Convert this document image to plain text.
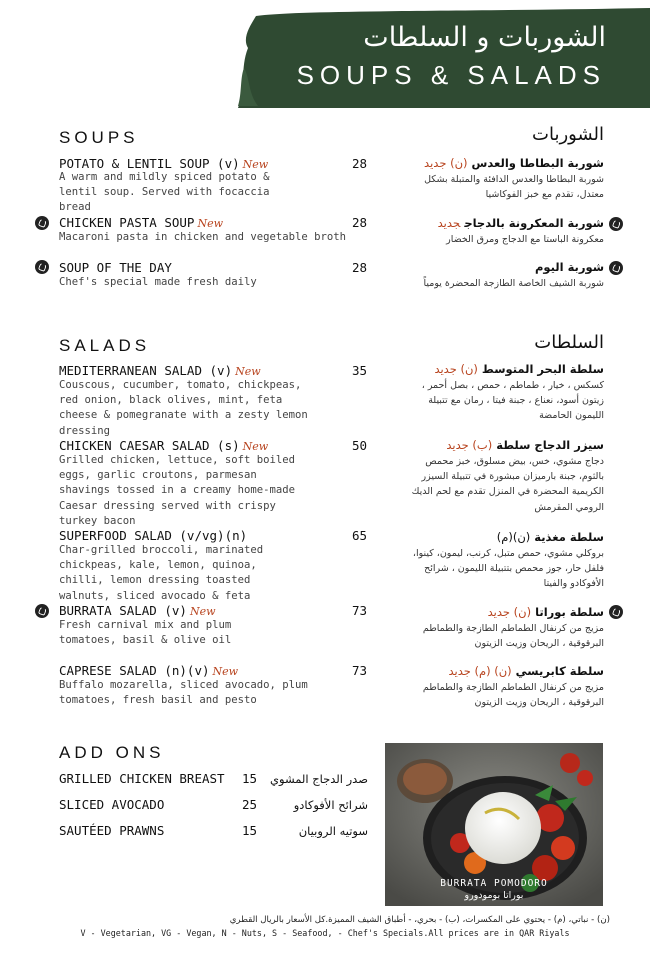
الشوربات و السلطات
SOUPS & SALADS
SOUPS	الشوربات
POTATO & LENTIL SOUP (v) New	28
A warm and mildly spiced potato & lentil soup. Served with focaccia bread
شوربة البطاطا والعدس(ن) جديد
شوربة البطاطا والعدس الدافئة والمتبلة بشكل معتدل، تقدم مع خبز الفوكاشيا
CHICKEN PASTA SOUP New	28
Macaroni pasta in chicken and vegetable broth
شوربة المعكرونة بالدجاججديد
معكرونة الباستا مع الدجاج ومرق الخضار
SOUP OF THE DAY	28
Chef's special made fresh daily
شوربة اليوم
شوربة الشيف الخاصة الطازجة المحضرة يومياً
SALADS	السلطات
MEDITERRANEAN SALAD (v) New	35
Couscous, cucumber, tomato, chickpeas, red onion, black olives, mint, feta cheese & pomegranate with a zesty lemon dressing
سلطة البحر المتوسط(ن) جديد
كسكس ، خيار ، طماطم ، حمص ، بصل أحمر ، زيتون أسود، نعناع ، جبنة فيتا ، رمان مع تتبيلة الليمون الحامضة
CHICKEN CAESAR SALAD (s) New	50
Grilled chicken, lettuce, soft boiled eggs, garlic croutons, parmesan shavings tossed in a creamy home-made Caesar dressing served with crispy turkey bacon
سيزر الدجاج سلطة(ب) جديد
دجاج مشوي، خس، بيض مسلوق، خبز محمص بالثوم، جبنة بارميزان مبشورة في تتبيلة السيزر الكريمية المحضرة في المنزل تقدم مع لحم الديك الرومي المقرمش
SUPERFOOD SALAD (v/vg)(n)	65
Char-grilled broccoli, marinated chickpeas, kale, lemon, quinoa, chilli, lemon dressing toasted walnuts, sliced avocado & feta
سلطة مغذية(ن)(م)
بروكلي مشوي، حمص متبل، كرنب، ليمون، كينوا، فلفل حار، جوز محمص بتتبيلة الليمون ، شرائح الأفوكادو والفيتا
BURRATA SALAD (v) New	73
Fresh carnival mix and plum tomatoes, basil & olive oil
سلطة بوراتا(ن) جديد
مزيج من كرنفال الطماطم الطازجة والطماطم البرقوقية ، الريحان وزيت الزيتون
CAPRESE SALAD (n)(v) New	73
Buffalo mozarella, sliced avocado, plum tomatoes, fresh basil and pesto
سلطة كابريسي(ن) (م) جديد
مزيج من كرنفال الطماطم الطازجة والطماطم البرقوقية ، الريحان وزيت الزيتون
ADD ONS
GRILLED CHICKEN BREAST 15 صدر الدجاج المشوي
SLICED AVOCADO	25	شرائح الأفوكادو
SAUTÉED PRAWNS	15	سوتيه الروبيان
BURRATA POMODORO
بوراتا بومودورو
(ن) - نباتي، (م) - يحتوي على المكسرات، (ب) - بحري، - أطباق الشيف المميزة.كل الأسعار بالريال القطري
V - Vegetarian, VG - Vegan, N - Nuts, S - Seafood, - Chef's Specials.All prices are in QAR Riyals
